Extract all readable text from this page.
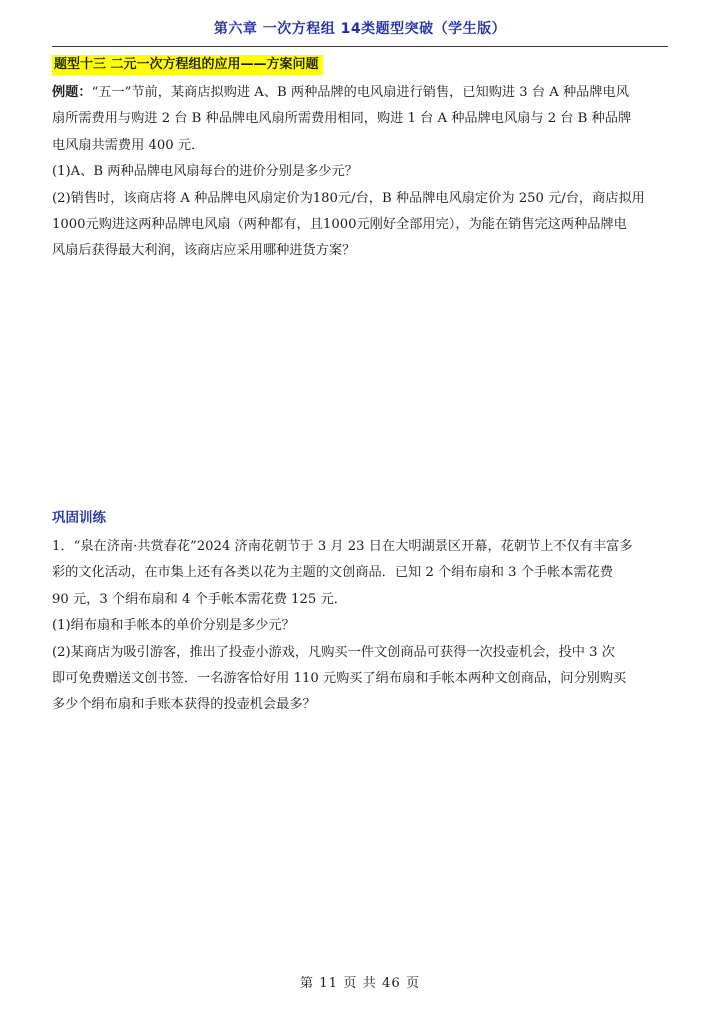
第六章 一次方程组 14类题型突破（学生版）
题型十三 二元一次方程组的应用——方案问题
例题：“五一”节前，某商店拟购进 A、B 两种品牌的电风扇进行销售，已知购进 3 台 A 种品牌电风
扇所需费用与购进 2 台 B 种品牌电风扇所需费用相同，购进 1 台 A 种品牌电风扇与 2 台 B 种品牌
电风扇共需费用 400 元．
(1)A、B 两种品牌电风扇每台的进价分别是多少元？
(2)销售时，该商店将 A 种品牌电风扇定价为180元/台，B 种品牌电风扇定价为 250 元/台，商店拟用
1000元购进这两种品牌电风扇（两种都有，且1000元刚好全部用完），为能在销售完这两种品牌电
风扇后获得最大利润，该商店应采用哪种进货方案？
巩固训练
1．“泉在济南·共赏春花”2024 济南花朝节于 3 月 23 日在大明湖景区开幕，花朝节上不仅有丰富多
彩的文化活动，在市集上还有各类以花为主题的文创商品．已知 2 个绢布扇和 3 个手帐本需花费
90 元，3 个绢布扇和 4 个手帐本需花费 125 元．
(1)绢布扇和手帐本的单价分别是多少元？
(2)某商店为吸引游客，推出了投壶小游戏，凡购买一件文创商品可获得一次投壶机会，投中 3 次
即可免费赠送文创书签．一名游客恰好用 110 元购买了绢布扇和手帐本两种文创商品，问分别购买
多少个绢布扇和手账本获得的投壶机会最多？
第 11 页 共 46 页
